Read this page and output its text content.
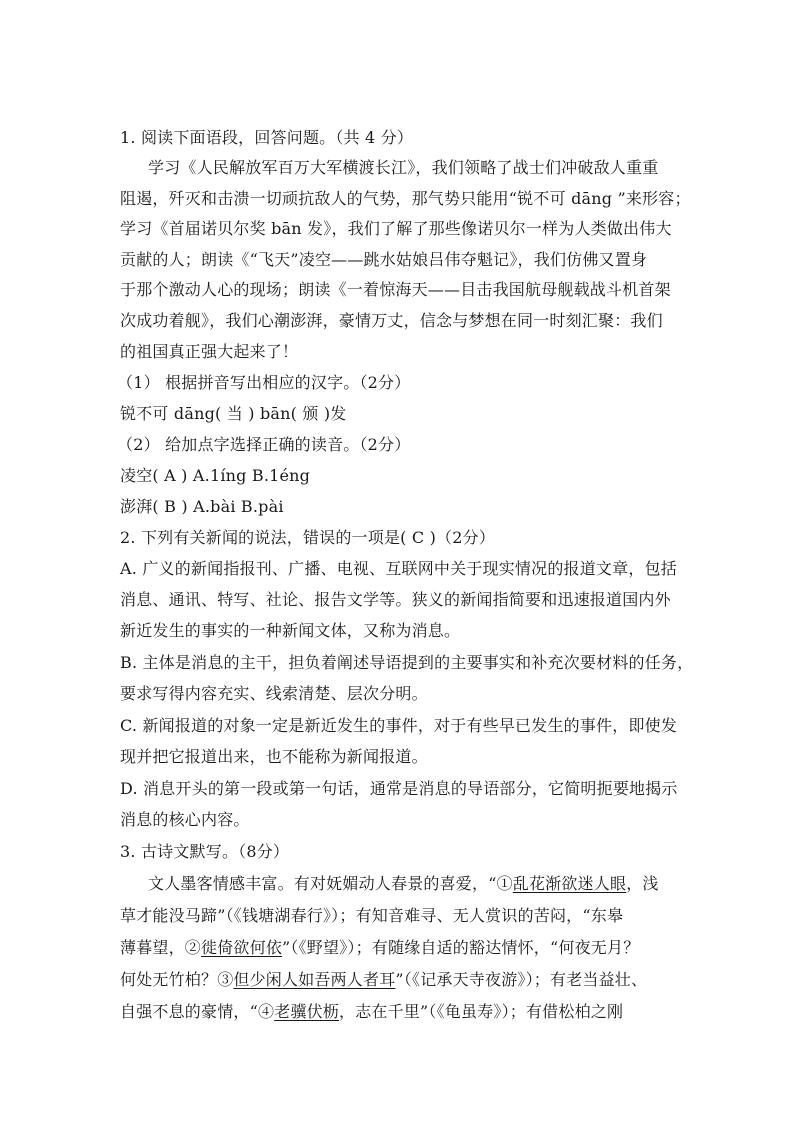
1. 阅读下面语段，回答问题。（共 4 分）
学习《人民解放军百万大军横渡长江》，我们领略了战士们冲破敌人重重
阻遏，歼灭和击溃一切顽抗敌人的气势，那气势只能用“锐不可 dāng ”来形容；
学习《首届诺贝尔奖 bān 发》，我们了解了那些像诺贝尔一样为人类做出伟大
贡献的人；朗读《“飞天”凌空——跳水姑娘吕伟夺魁记》，我们仿佛又置身
于那个激动人心的现场；朗读《一着惊海天——目击我国航母舰载战斗机首架
次成功着舰》，我们心潮澎湃，豪情万丈，信念与梦想在同一时刻汇聚：我们
的祖国真正强大起来了！
（1） 根据拼音写出相应的汉字。（2分）
锐不可 dāng( 当 ) bān( 颁 )发
（2） 给加点字选择正确的读音。（2分）
凌空( A ) A.1íng B.1éng
澎湃( B ) A.bài B.pài
2. 下列有关新闻的说法，错误的一项是( C )（2分）
A. 广义的新闻指报刊、广播、电视、互联网中关于现实情况的报道文章，包括
消息、通讯、特写、社论、报告文学等。狭义的新闻指简要和迅速报道国内外
新近发生的事实的一种新闻文体，又称为消息。
B. 主体是消息的主干，担负着阐述导语提到的主要事实和补充次要材料的任务，
要求写得内容充实、线索清楚、层次分明。
C. 新闻报道的对象一定是新近发生的事件，对于有些早已发生的事件，即使发
现并把它报道出来，也不能称为新闻报道。
D. 消息开头的第一段或第一句话，通常是消息的导语部分，它简明扼要地揭示
消息的核心内容。
3. 古诗文默写。（8分）
文人墨客情感丰富。有对妩媚动人春景的喜爱，“①乱花渐欲迷人眼，浅
草才能没马蹄”（《钱塘湖春行》）；有知音难寻、无人赏识的苦闷，“东皋
薄暮望，②徙倚欲何依”（《野望》）；有随缘自适的豁达情怀，“何夜无月？
何处无竹柏？③但少闲人如吾两人者耳”（《记承天寺夜游》）；有老当益壮、
自强不息的豪情，“④老骥伏枥，志在千里”（《龟虽寿》）；有借松柏之刚
